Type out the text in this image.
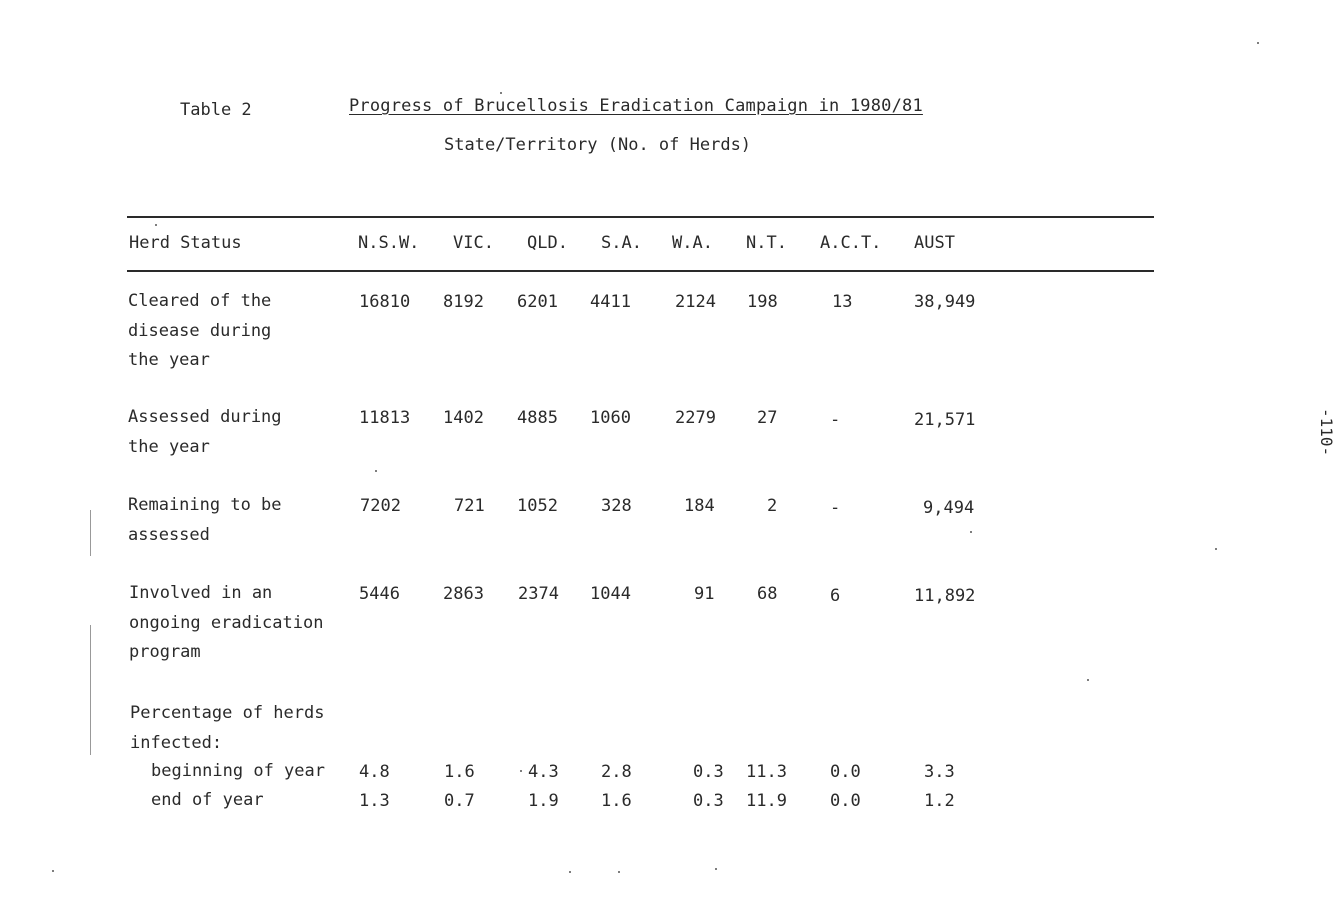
Table 2	Progress of Brucellosis Eradication Campaign in 1980/81
State/Territory (No. of Herds)
Herd Status	N.S.W. VIC. QLD. S.A. W.A. N.T. A.C.T. AUST
Cleared of the
disease during
the year
16810 8192 6201 4411	2124 198	13	38,949
Assessed during
the year
11813 1402 4885 1060	2279 27	-	21,571
Remaining to be
assessed
7202	721 1052	328	184	2	-	9,494
Involved in an
ongoing eradication
program
5446	2863 2374 1044	91	68	6	11,892
Percentage of herds
infected:
beginning of year 4.8	1.6	4.3 2.8	0.3 11.3	0.0	3.3
end of year	1.3	0.7	1.9 1.6	0.3 11.9	0.0	1.2
-110-
